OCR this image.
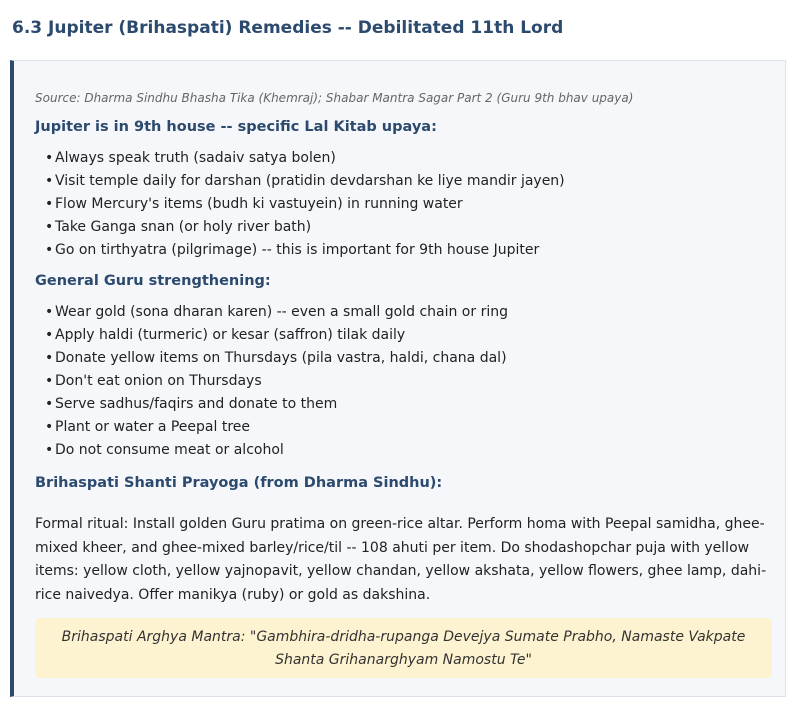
6.3 Jupiter (Brihaspati) Remedies -- Debilitated 11th Lord

Source: Dharma Sindhu Bhasha Tika (Khemraj); Shabar Mantra Sagar Part 2 (Guru 9th bhav upaya)

Jupiter is in 9th house -- specific Lal Kitab upaya:
• Always speak truth (sadaiv satya bolen)
• Visit temple daily for darshan (pratidin devdarshan ke liye mandir jayen)
• Flow Mercury's items (budh ki vastuyein) in running water
• Take Ganga snan (or holy river bath)
• Go on tirthyatra (pilgrimage) -- this is important for 9th house Jupiter
General Guru strengthening:
• Wear gold (sona dharan karen) -- even a small gold chain or ring
• Apply haldi (turmeric) or kesar (saffron) tilak daily
• Donate yellow items on Thursdays (pila vastra, haldi, chana dal)
• Don't eat onion on Thursdays
• Serve sadhus/faqirs and donate to them
• Plant or water a Peepal tree
• Do not consume meat or alcohol
Brihaspati Shanti Prayoga (from Dharma Sindhu):

Formal ritual: Install golden Guru pratima on green-rice altar. Perform homa with Peepal samidha, ghee-mixed kheer, and ghee-mixed barley/rice/til -- 108 ahuti per item. Do shodashopchar puja with yellow items: yellow cloth, yellow yajnopavit, yellow chandan, yellow akshata, yellow flowers, ghee lamp, dahi-rice naivedya. Offer manikya (ruby) or gold as dakshina.

Brihaspati Arghya Mantra: "Gambhira-dridha-rupanga Devejya Sumate Prabho, Namaste Vakpate Shanta Grihanarghyam Namostu Te"
